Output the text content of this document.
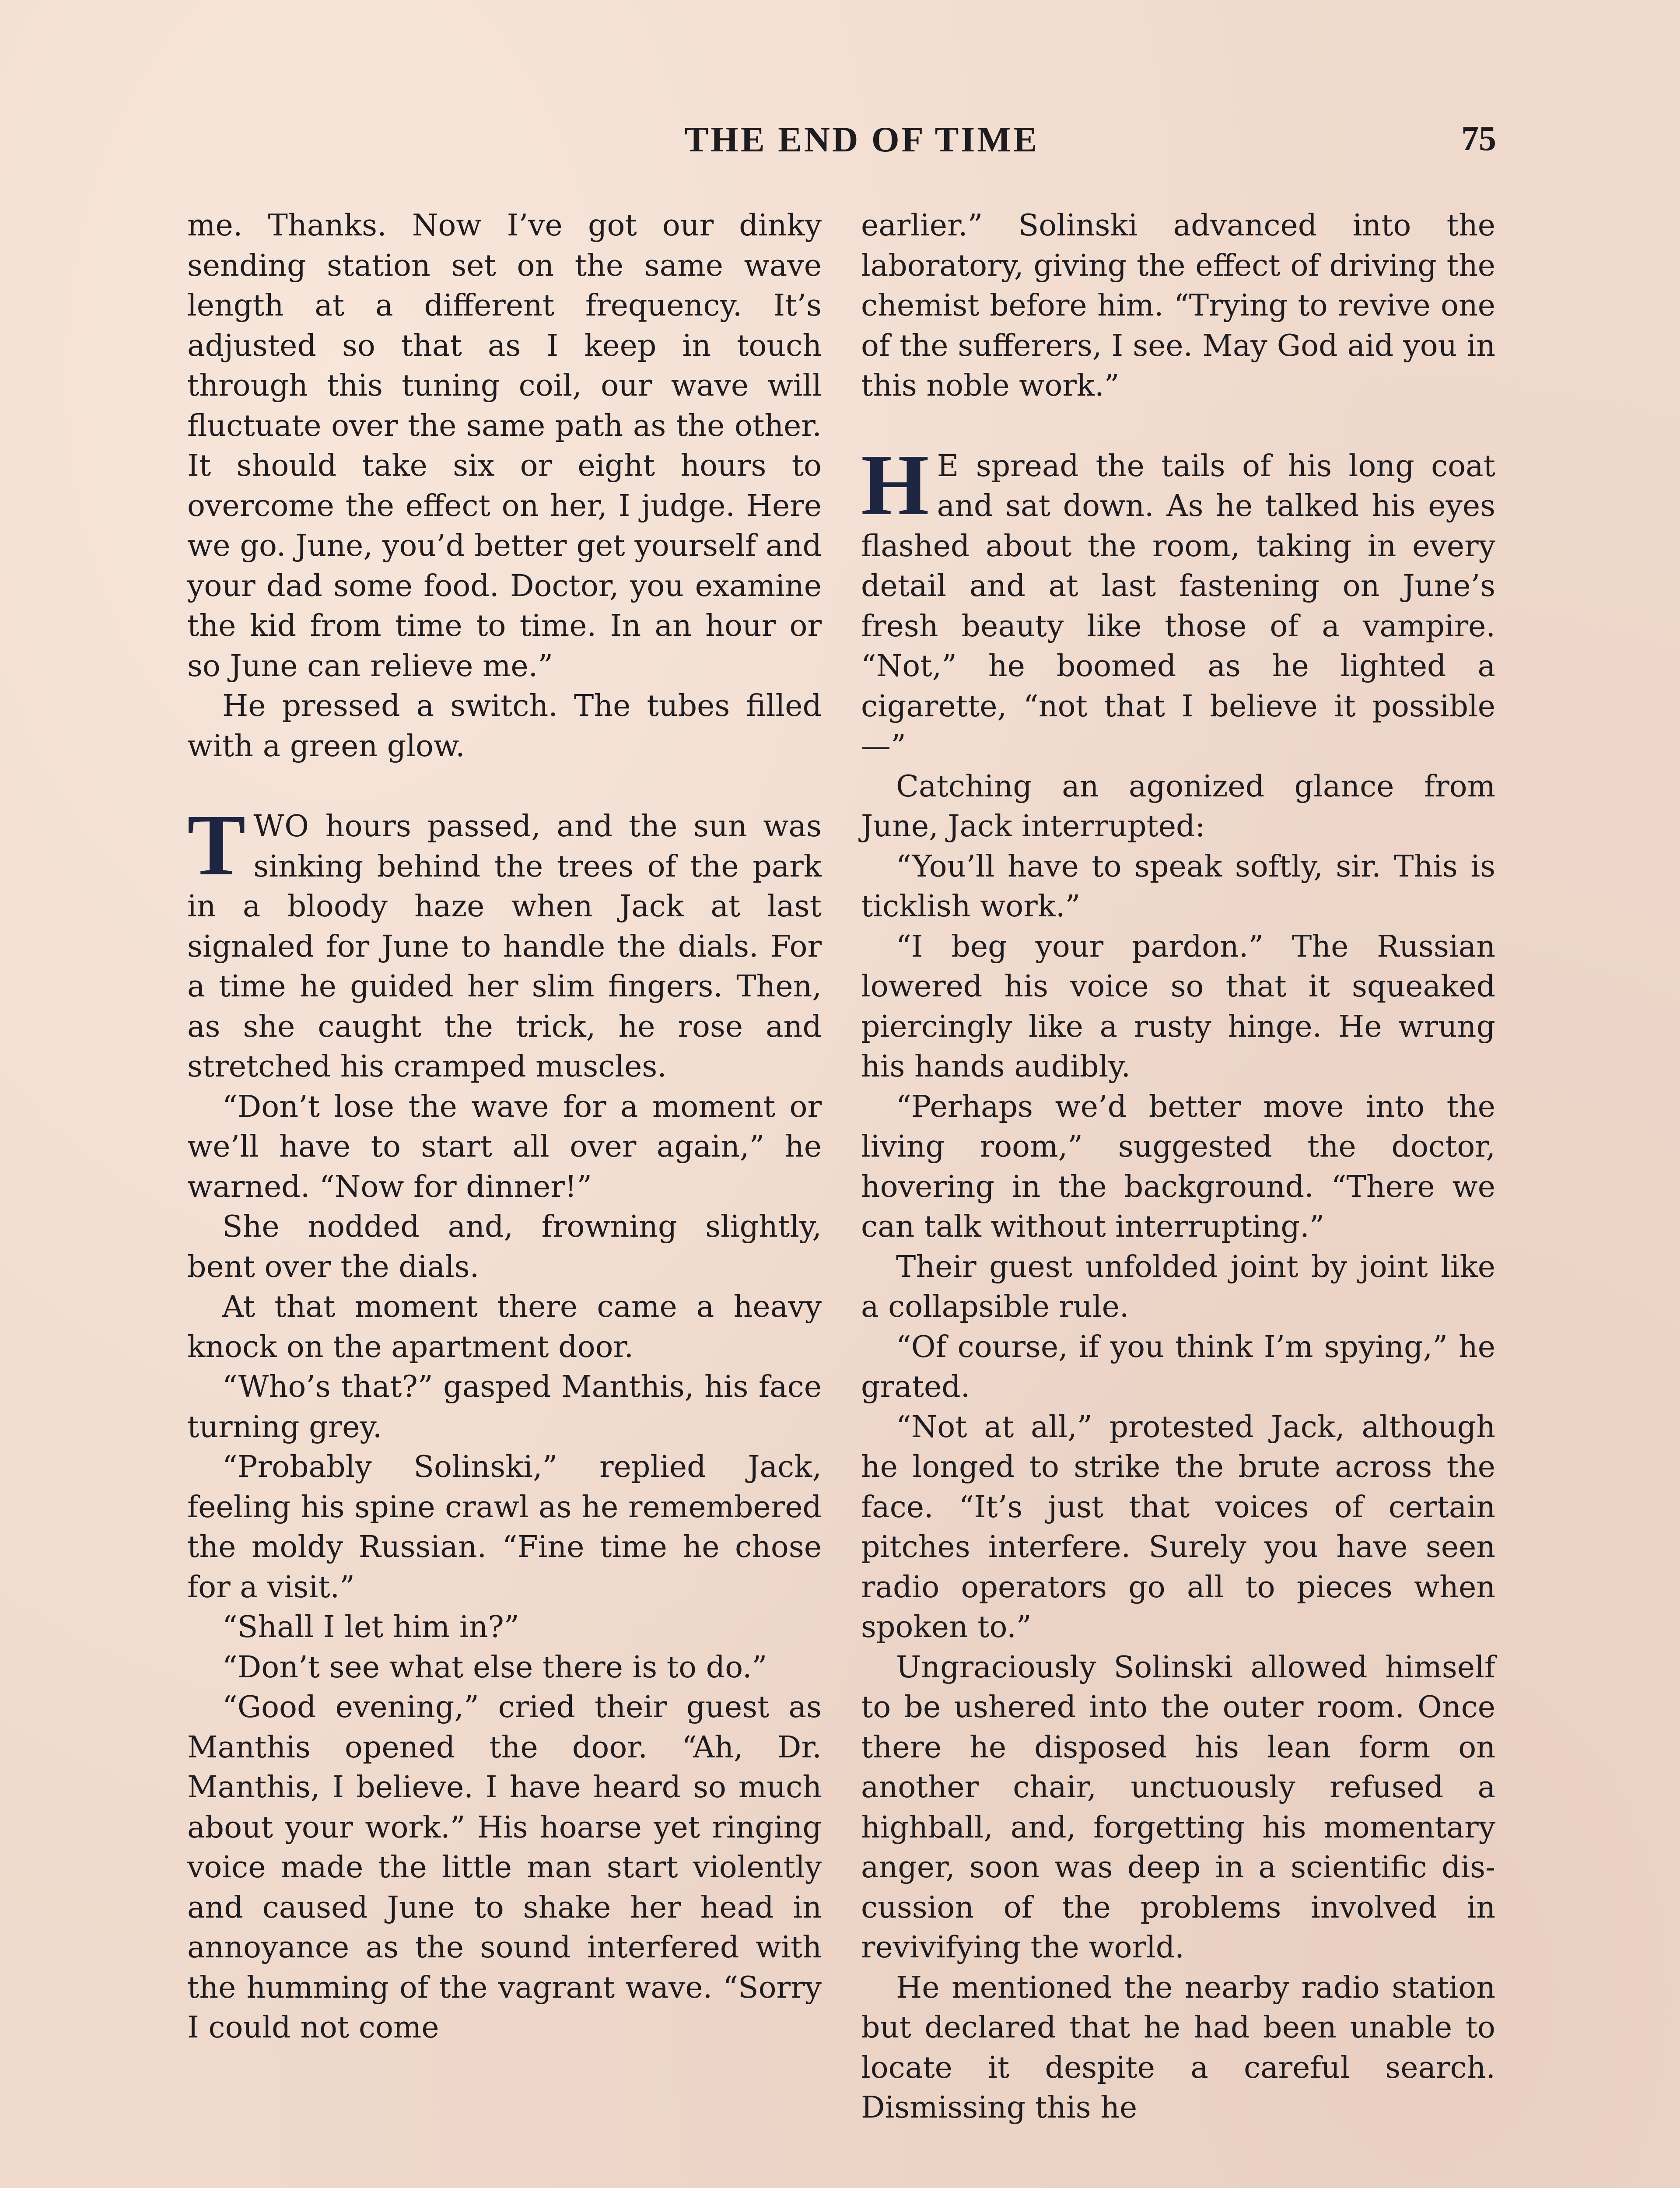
THE END OF TIME	75

me. Thanks. Now I’ve got our dinky sending station set on the same wave length at a different frequency. It’s adjusted so that as I keep in touch through this tuning coil, our wave will fluctuate over the same path as the other. It should take six or eight hours to overcome the effect on her, I judge. Here we go. June, you’d better get yourself and your dad some food. Doctor, you examine the kid from time to time. In an hour or so June can relieve me.”

He pressed a switch. The tubes filled with a green glow.

TWO hours passed, and the sun was sinking behind the trees of the park in a bloody haze when Jack at last signaled for June to handle the dials. For a time he guided her slim fingers. Then, as she caught the trick, he rose and stretched his cramped muscles.

“Don’t lose the wave for a moment or we’ll have to start all over again,” he warned. “Now for dinner!”

She nodded and, frowning slightly, bent over the dials.

At that moment there came a heavy knock on the apartment door.

“Who’s that?” gasped Manthis, his face turning grey.

“Probably Solinski,” replied Jack, feeling his spine crawl as he remembered the moldy Russian. “Fine time he chose for a visit.”

“Shall I let him in?”

“Don’t see what else there is to do.”

“Good evening,” cried their guest as Manthis opened the door. “Ah, Dr. Manthis, I believe. I have heard so much about your work.” His hoarse yet ringing voice made the little man start violently and caused June to shake her head in annoyance as the sound interfered with the humming of the vagrant wave. “Sorry I could not come

earlier.” Solinski advanced into the laboratory, giving the effect of driving the chemist before him. “Trying to revive one of the sufferers, I see. May God aid you in this noble work.”

H E spread the tails of his long coat and sat down. As he talked his eyes flashed about the room, taking in every detail and at last fastening on June’s fresh beauty like those of a vampire. “Not,” he boomed as he lighted a cigarette, “not that I believe it possible—”

Catching an agonized glance from June, Jack interrupted:

“You’ll have to speak softly, sir. This is ticklish work.”

“I beg your pardon.” The Russian lowered his voice so that it squeaked piercingly like a rusty hinge. He wrung his hands audibly.

“Perhaps we’d better move into the living room,” suggested the doctor, hovering in the background. “There we can talk without interrupting.”

Their guest unfolded joint by joint like a collapsible rule.

“Of course, if you think I’m spying,” he grated.

“Not at all,” protested Jack, although he longed to strike the brute across the face. “It’s just that voices of certain pitches interfere. Surely you have seen radio operators go all to pieces when spoken to.”

Ungraciously Solinski allowed himself to be ushered into the outer room. Once there he disposed his lean form on another chair, unctuously refused a highball, and, forgetting his momentary anger, soon was deep in a scientific discussion of the problems involved in revivifying the world.

He mentioned the nearby radio station but declared that he had been unable to locate it despite a careful search. Dismissing this he
